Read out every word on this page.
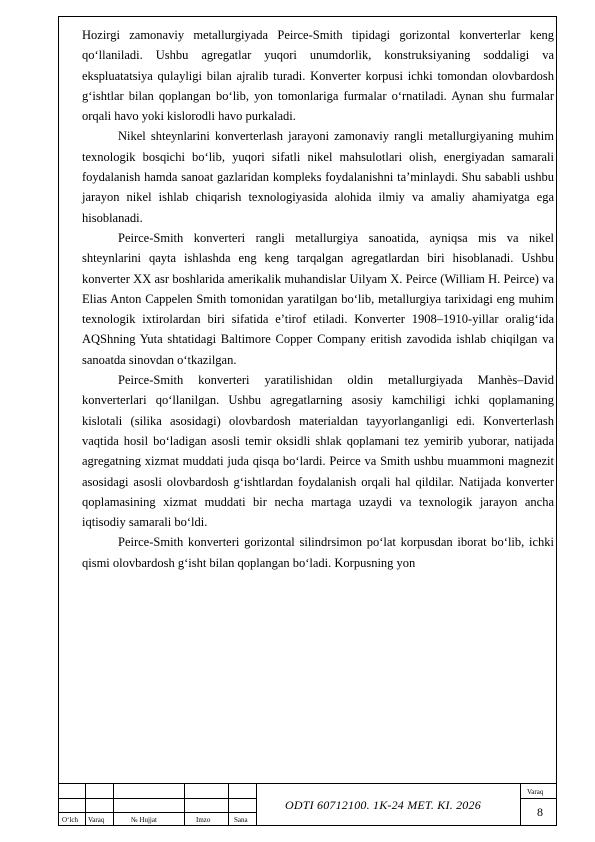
Hozirgi zamonaviy metallurgiyada Peirce-Smith tipidagi gorizontal konverterlar keng qo‘llaniladi. Ushbu agregatlar yuqori unumdorlik, konstruksiyaning soddaligi va ekspluatatsiya qulayligi bilan ajralib turadi. Konverter korpusi ichki tomondan olovbardosh g‘ishtlar bilan qoplangan bo‘lib, yon tomonlariga furmalar o‘rnatiladi. Aynan shu furmalar orqali havo yoki kislorodli havo purkaladi.

Nikel shteynlarini konverterlash jarayoni zamonaviy rangli metallurgiyaning muhim texnologik bosqichi bo‘lib, yuqori sifatli nikel mahsulotlari olish, energiyadan samarali foydalanish hamda sanoat gazlaridan kompleks foydalanishni ta’minlaydi. Shu sababli ushbu jarayon nikel ishlab chiqarish texnologiyasida alohida ilmiy va amaliy ahamiyatga ega hisoblanadi.

Peirce-Smith konverteri rangli metallurgiya sanoatida, ayniqsa mis va nikel shteynlarini qayta ishlashda eng keng tarqalgan agregatlardan biri hisoblanadi. Ushbu konverter XX asr boshlarida amerikalik muhandislar Uilyam X. Peirce (William H. Peirce) va Elias Anton Cappelen Smith tomonidan yaratilgan bo‘lib, metallurgiya tarixidagi eng muhim texnologik ixtirolardan biri sifatida e’tirof etiladi. Konverter 1908–1910-yillar oralig‘ida AQShning Yuta shtatidagi Baltimore Copper Company eritish zavodida ishlab chiqilgan va sanoatda sinovdan o‘tkazilgan.

Peirce-Smith konverteri yaratilishidan oldin metallurgiyada Manhès–David konverterlari qo‘llanilgan. Ushbu agregatlarning asosiy kamchiligi ichki qoplamaning kislotali (silika asosidagi) olovbardosh materialdan tayyorlanganligi edi. Konverterlash vaqtida hosil bo‘ladigan asosli temir oksidli shlak qoplamani tez yemirib yuborar, natijada agregatning xizmat muddati juda qisqa bo‘lardi. Peirce va Smith ushbu muammoni magnezit asosidagi asosli olovbardosh g‘ishtlardan foydalanish orqali hal qildilar. Natijada konverter qoplamasining xizmat muddati bir necha martaga uzaydi va texnologik jarayon ancha iqtisodiy samarali bo‘ldi.

Peirce-Smith konverteri gorizontal silindrsimon po‘lat korpusdan iborat bo‘lib, ichki qismi olovbardosh g‘isht bilan qoplangan bo‘ladi. Korpusning yon

O‘lch Varaq	№ Hujjat	Imzo	Sana
ODTI 60712100. 1K-24 MET. KI. 2026
Varaq
8
